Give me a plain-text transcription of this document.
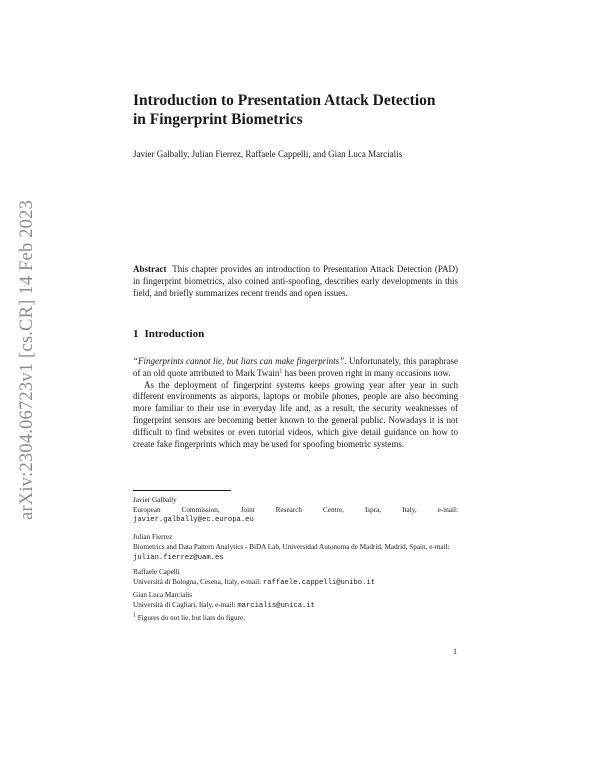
arXiv:2304.06723v1 [cs.CR] 14 Feb 2023
Introduction to Presentation Attack Detection
in Fingerprint Biometrics
Javier Galbally, Julian Fierrez, Raffaele Cappelli, and Gian Luca Marcialis

Abstract This chapter provides an introduction to Presentation Attack Detection (PAD) in fingerprint biometrics, also coined anti-spoofing, describes early developments in this field, and briefly summarizes recent trends and open issues.

1 Introduction

“Fingerprints cannot lie, but liars can make fingerprints”. Unfortunately, this paraphrase of an old quote attributed to Mark Twain$^1$ has been proven right in many occasions now.

As the deployment of fingerprint systems keeps growing year after year in such different environments as airports, laptops or mobile phones, people are also becoming more familiar to their use in everyday life and, as a result, the security weaknesses of fingerprint sensors are becoming better known to the general public. Nowadays it is not difficult to find websites or even tutorial videos, which give detail guidance on how to create fake fingerprints which may be used for spoofing biometric systems.

Javier Galbally
European Commission, Joint Research Centre, Ispra, Italy, e-mail:
javier.galbally@ec.europa.eu
Julian Fierrez
Biometrics and Data Pattern Analytics - BiDA Lab, Universidad Autonoma de Madrid, Madrid, Spain, e-mail: julian.fierrez@uam.es
Raffaele Capelli
Università di Bologna, Cesena, Italy, e-mail: raffaele.cappelli@unibo.it
Gian Luca Marcialis
Università di Cagliari, Italy, e-mail: marcialis@unica.it
$^1$ Figures do not lie, but liars do figure.
1
